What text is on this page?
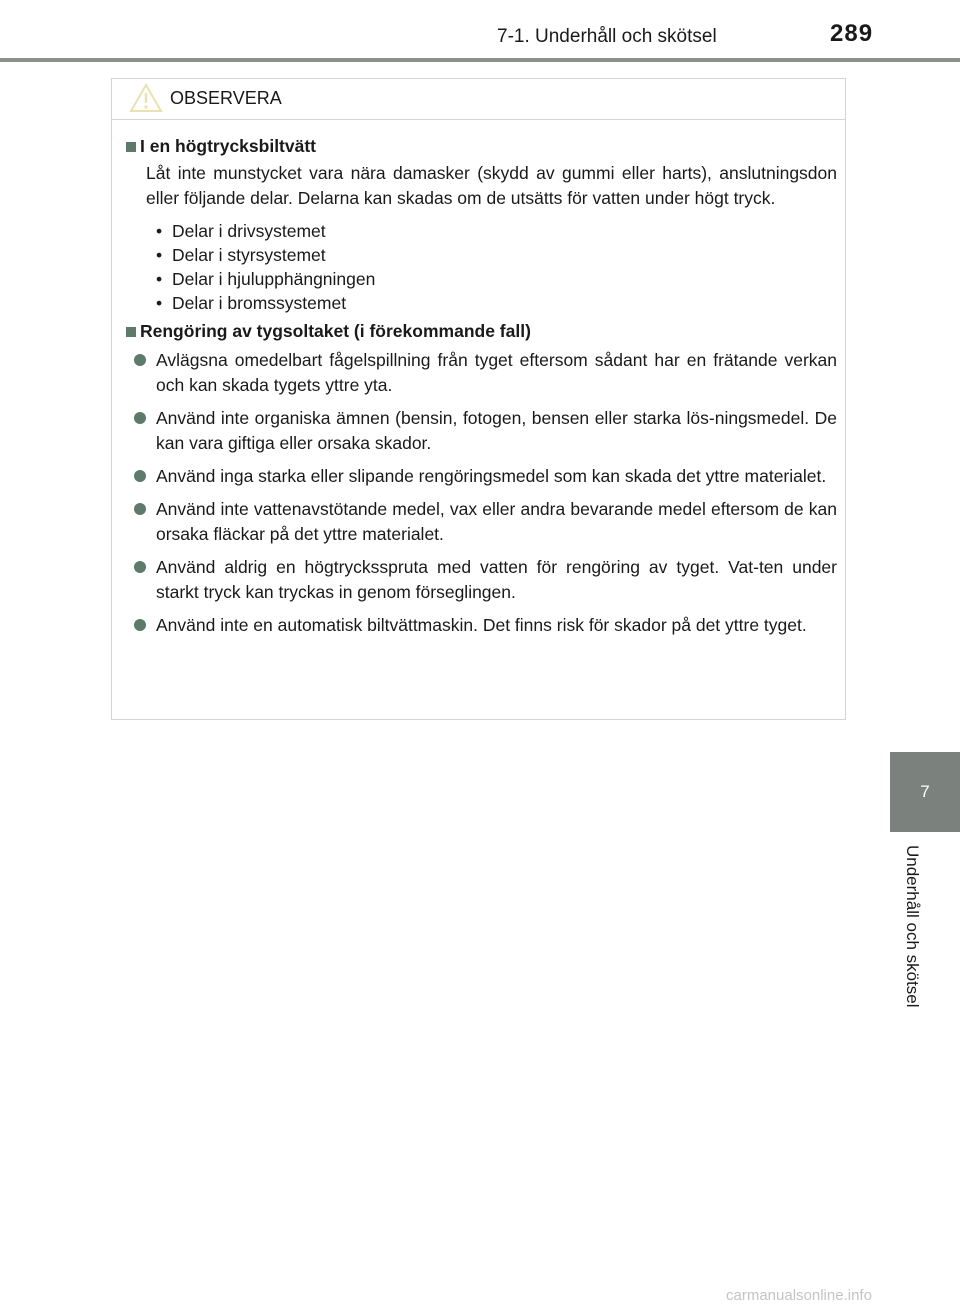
7-1. Underhåll och skötsel	289
7
Underhåll och skötsel
OBSERVERA
I en högtrycksbiltvätt
Låt inte munstycket vara nära damasker (skydd av gummi eller harts), anslutningsdon eller följande delar. Delarna kan skadas om de utsätts för vatten under högt tryck.
• Delar i drivsystemet
• Delar i styrsystemet
• Delar i hjulupphängningen
• Delar i bromssystemet
Rengöring av tygsoltaket (i förekommande fall)
Avlägsna omedelbart fågelspillning från tyget eftersom sådant har en frätande verkan och kan skada tygets yttre yta.
Använd inte organiska ämnen (bensin, fotogen, bensen eller starka lös-ningsmedel. De kan vara giftiga eller orsaka skador.
Använd inga starka eller slipande rengöringsmedel som kan skada det yttre materialet.
Använd inte vattenavstötande medel, vax eller andra bevarande medel eftersom de kan orsaka fläckar på det yttre materialet.
Använd aldrig en högtrycksspruta med vatten för rengöring av tyget. Vat-ten under starkt tryck kan tryckas in genom förseglingen.
Använd inte en automatisk biltvättmaskin. Det finns risk för skador på det yttre tyget.
carmanualsonline.info
